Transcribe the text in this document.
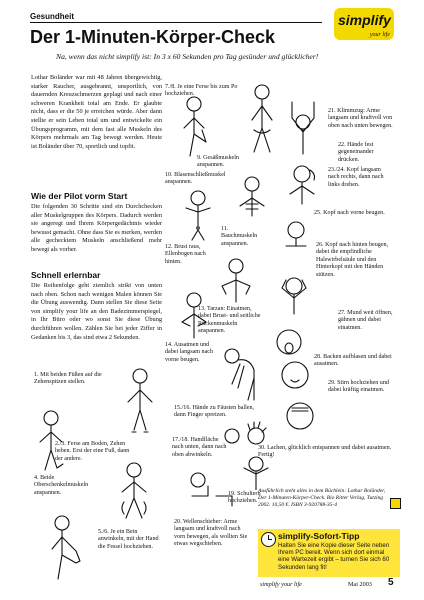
Gesundheit	simplify
your life
Der 1-Minuten-Körper-Check
Na, wenn das nicht simplify ist: In 3 x 60 Sekunden pro Tag gesünder und glücklicher!
Lothar Boländer war mit 48 Jahren übergewichtig, starker Raucher, ausgebrannt, unsportlich, von dauernden Kreuzschmerzen geplagt und nach einer schweren Krankheit total am Ende. Er glaubte nicht, dass er die 50 je erreichen würde. Aber dann stellte er sein Leben total um und entwickelte ein Übungsprogramm, mit dem fast alle Muskeln des Körpers mehrmals am Tag bewegt werden. Heute ist Boländer über 70, sportlich und topfit.
Wie der Pilot vorm Start
Die folgenden 30 Schritte sind ein Durchchecken aller Muskelgruppen des Körpers. Dadurch werden sie angeregt und Ihrem Körpergedächtnis wieder bewusst gemacht. Ohne dass Sie es merken, werden alle gechecktem Muskeln anschließend mehr bewegt als vorher.
Schnell erlernbar
Die Reihenfolge geht ziemlich strikt von unten nach oben. Schon nach wenigen Malen können Sie die Übung auswendig. Dann stellen Sie diese Seite von simplify your life an den Badezimmerspiegel, in Ihr Büro oder wo sonst Sie diese Übung durchführen wollen. Zählen Sie bei jeder Ziffer in Gedanken bis 3, das sind etwa 2 Sekunden.
1. Mit beiden Füßen auf die Zehenspitzen stellen.
2./3. Ferse am Boden, Zehen heben. Erst der eine Fuß, dann der andere.
4. Beide Oberschenkelmuskeln anspannen.
5./6. Je ein Bein anwinkeln, mit der Hand die Fessel hochziehen.
7./8. Je eine Ferse bis zum Po hochziehen.
9. Gesäßmuskeln anspannen.
10. Blasenschließmuskel anspannen.
11. Bauchmuskeln anspannen.
12. Brust raus, Ellenbogen nach hinten.
13. Tarzan: Einatmen, dabei Brust- und seitliche Rückenmuskeln anspannen.
14. Ausatmen und dabei langsam nach vorne beugen.
15./16. Hände zu Fäusten ballen, dann Finger spreizen.
17./18. Handfläche nach unten, dann nach oben abwinkeln.
19. Schultern hochziehen.
20. Wellenschieber: Arme langsam und kraftvoll nach vorn bewegen, als wollten Sie etwas wegschieben.
21. Klimmzug: Arme langsam und kraftvoll von oben nach unten bewegen.
22. Hände fest gegeneinander drücken.
23./24. Kopf langsam nach rechts, dann nach links drehen.
25. Kopf nach vorne beugen.
26. Kopf nach hinten beugen, dabei die empfindliche Halswirbelsäule und den Hinterkopf mit den Händen stützen.
27. Mund weit öffnen, gähnen und dabei einatmen.
28. Backen aufblasen und dabei ausatmen.
29. Stirn hochziehen und dabei kräftig einatmen.
30. Lachen, glücklich entspannen und dabei ausatmen. Fertig!
Ausführlich steht alles in dem Büchlein: Lothar Boländer, Der 1-Minuten-Körper-Check. Bio Ritter Verlag, Tutzing 2002. 10,50 €. ISBN 3-920788-35-4
simplify-Sofort-Tipp
Halten Sie eine Kopie dieser Seite neben Ihrem PC bereit. Wenn sich dort einmal eine Wartezeit ergibt – turnen Sie sich 60 Sekunden lang fit!
simplify your life	Mai 2003 5
